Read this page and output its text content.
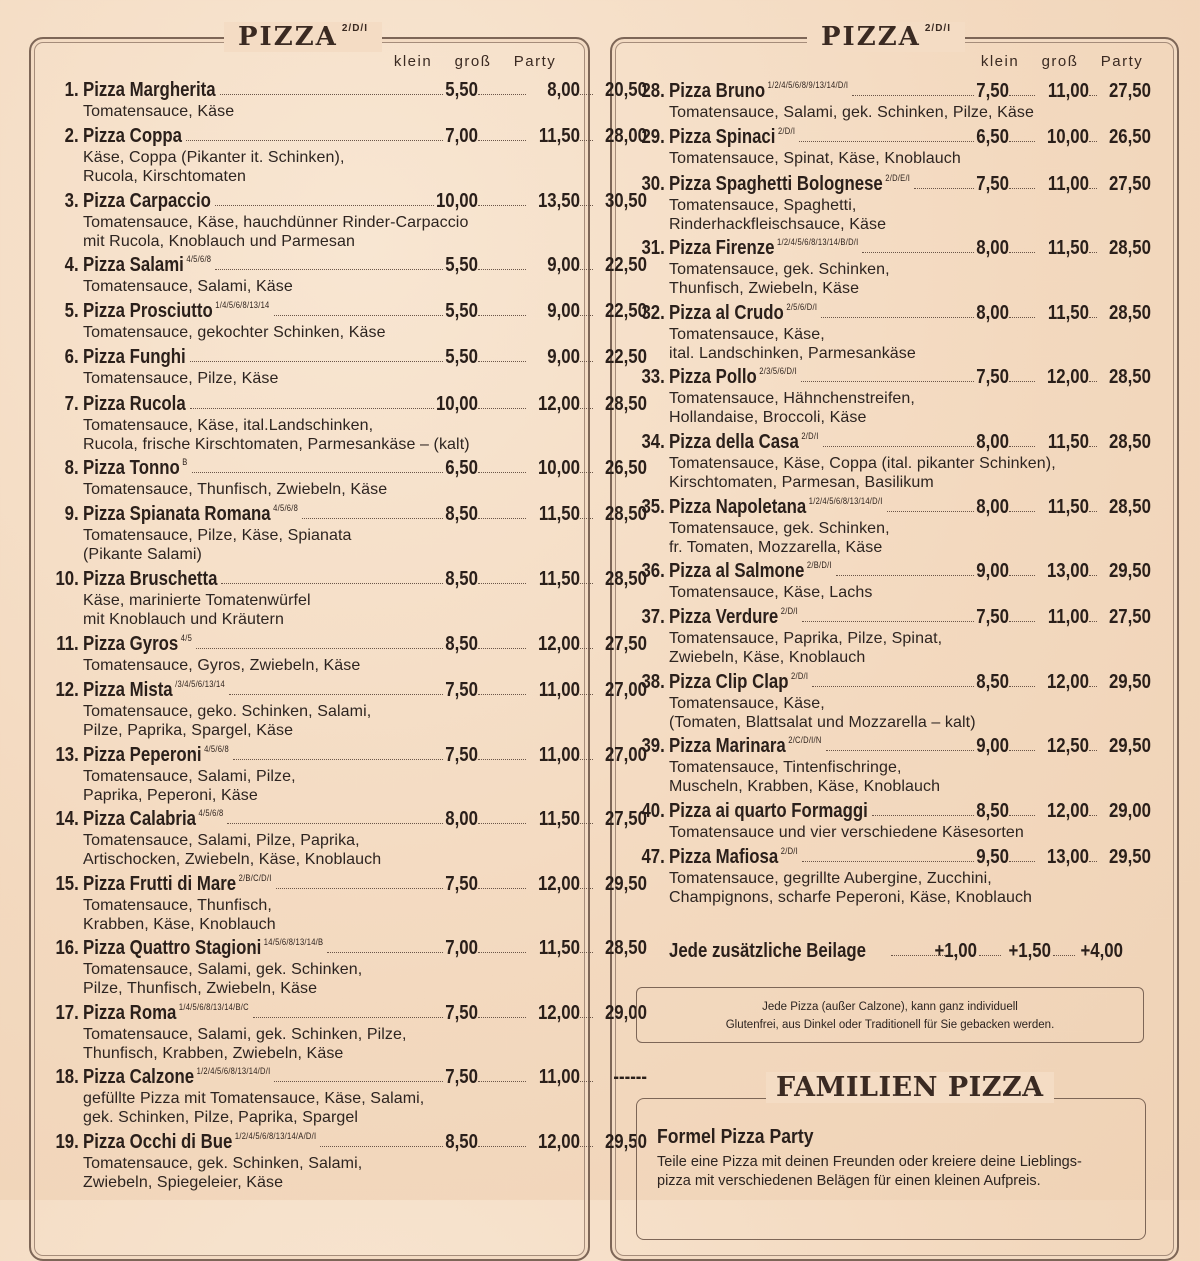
PIZZA $^{2/D/I}$
klein groß Party
PIZZA $^{2/D/I}$
klein groß Party
1. Pizza Margherita	5,50	8,00	20,50
Tomatensauce, Käse
2. Pizza Coppa	7,00	11,50	28,00
Käse, Coppa (Pikanter it. Schinken),
Rucola, Kirschtomaten
3. Pizza Carpaccio	10,00	13,50	30,50
Tomatensauce, Käse, hauchdünner Rinder-Carpaccio
mit Rucola, Knoblauch und Parmesan
4. Pizza Salami $^{4/5/6/8}$	5,50	9,00	22,50
Tomatensauce, Salami, Käse
5. Pizza Prosciutto $^{1/4/5/6/8/13/14}$	5,50	9,00	22,50
Tomatensauce, gekochter Schinken, Käse
6. Pizza Funghi	5,50	9,00	22,50
Tomatensauce, Pilze, Käse
7. Pizza Rucola	10,00	12,00	28,50
Tomatensauce, Käse, ital.Landschinken,
Rucola, frische Kirschtomaten, Parmesankäse – (kalt)
8. Pizza Tonno $^B$	6,50	10,00	26,50
Tomatensauce, Thunfisch, Zwiebeln, Käse
9. Pizza Spianata Romana $^{4/5/6/8}$	8,50	11,50	28,50
Tomatensauce, Pilze, Käse, Spianata
(Pikante Salami)
10. Pizza Bruschetta	8,50	11,50	28,50
Käse, marinierte Tomatenwürfel
mit Knoblauch und Kräutern
11. Pizza Gyros $^{4/5}$	8,50	12,00	27,50
Tomatensauce, Gyros, Zwiebeln, Käse
12. Pizza Mista $^{/3/4/5/6/13/14}$	7,50	11,00	27,00
Tomatensauce, geko. Schinken, Salami,
Pilze, Paprika, Spargel, Käse
13. Pizza Peperoni $^{4/5/6/8}$	7,50	11,00	27,00
Tomatensauce, Salami, Pilze,
Paprika, Peperoni, Käse
14. Pizza Calabria $^{4/5/6/8}$	8,00	11,50	27,50
Tomatensauce, Salami, Pilze, Paprika,
Artischocken, Zwiebeln, Käse, Knoblauch
15. Pizza Frutti di Mare $^{2/B/C/D/I}$	7,50	12,00	29,50
Tomatensauce, Thunfisch,
Krabben, Käse, Knoblauch
16. Pizza Quattro Stagioni $^{14/5/6/8/13/14/B}$	7,00	11,50	28,50
Tomatensauce, Salami, gek. Schinken,
Pilze, Thunfisch, Zwiebeln, Käse
17. Pizza Roma $^{1/4/5/6/8/13/14/B/C}$	7,50	12,00	29,00
Tomatensauce, Salami, gek. Schinken, Pilze,
Thunfisch, Krabben, Zwiebeln, Käse
18. Pizza Calzone $^{1/2/4/5/6/8/13/14/D/I}$	7,50	11,00	------
gefüllte Pizza mit Tomatensauce, Käse, Salami,
gek. Schinken, Pilze, Paprika, Spargel
19. Pizza Occhi di Bue $^{1/2/4/5/6/8/13/14/A/D/I}$	8,50	12,00	29,50
Tomatensauce, gek. Schinken, Salami,
Zwiebeln, Spiegeleier, Käse
28. Pizza Bruno $^{1/2/4/5/6/8/9/13/14/D/I}$	7,50	11,00 27,50
Tomatensauce, Salami, gek. Schinken, Pilze, Käse
29. Pizza Spinaci $^{2/D/I}$	6,50	10,00 26,50
Tomatensauce, Spinat, Käse, Knoblauch
30. Pizza Spaghetti Bolognese $^{2/D/E/I}$	7,50	11,00 27,50
Tomatensauce, Spaghetti,
Rinderhackfleischsauce, Käse
31. Pizza Firenze $^{1/2/4/5/6/8/13/14/B/D/I}$	8,00	11,50 28,50
Tomatensauce, gek. Schinken,
Thunfisch, Zwiebeln, Käse
32. Pizza al Crudo $^{2/5/6/D/I}$	8,00	11,50 28,50
Tomatensauce, Käse,
ital. Landschinken, Parmesankäse
33. Pizza Pollo $^{2/3/5/6/D/I}$	7,50	12,00 28,50
Tomatensauce, Hähnchenstreifen,
Hollandaise, Broccoli, Käse
34. Pizza della Casa $^{2/D/I}$	8,00	11,50 28,50
Tomatensauce, Käse, Coppa (ital. pikanter Schinken),
Kirschtomaten, Parmesan, Basilikum
35. Pizza Napoletana $^{1/2/4/5/6/8/13/14/D/I}$	8,00	11,50 28,50
Tomatensauce, gek. Schinken,
fr. Tomaten, Mozzarella, Käse
36. Pizza al Salmone $^{2/B/D/I}$	9,00	13,00 29,50
Tomatensauce, Käse, Lachs
37. Pizza Verdure $^{2/D/I}$	7,50	11,00 27,50
Tomatensauce, Paprika, Pilze, Spinat,
Zwiebeln, Käse, Knoblauch
38. Pizza Clip Clap $^{2/D/I}$	8,50	12,00 29,50
Tomatensauce, Käse,
(Tomaten, Blattsalat und Mozzarella – kalt)
39. Pizza Marinara $^{2/C/D/I/N}$	9,00	12,50 29,50
Tomatensauce, Tintenfischringe,
Muscheln, Krabben, Käse, Knoblauch
40. Pizza ai quarto Formaggi	8,50	12,00 29,00
Tomatensauce und vier verschiedene Käsesorten
47. Pizza Mafiosa $^{2/D/I}$	9,50	13,00 29,50
Tomatensauce, gegrillte Aubergine, Zucchini,
Champignons, scharfe Peperoni, Käse, Knoblauch
Jede zusätzliche Beilage	+1,00	+1,50	+4,00
Jede Pizza (außer Calzone), kann ganz individuell
Glutenfrei, aus Dinkel oder Traditionell für Sie gebacken werden.
FAMILIEN PIZZA
Formel Pizza Party
Teile eine Pizza mit deinen Freunden oder kreiere deine Lieblings-
pizza mit verschiedenen Belägen für einen kleinen Aufpreis.
